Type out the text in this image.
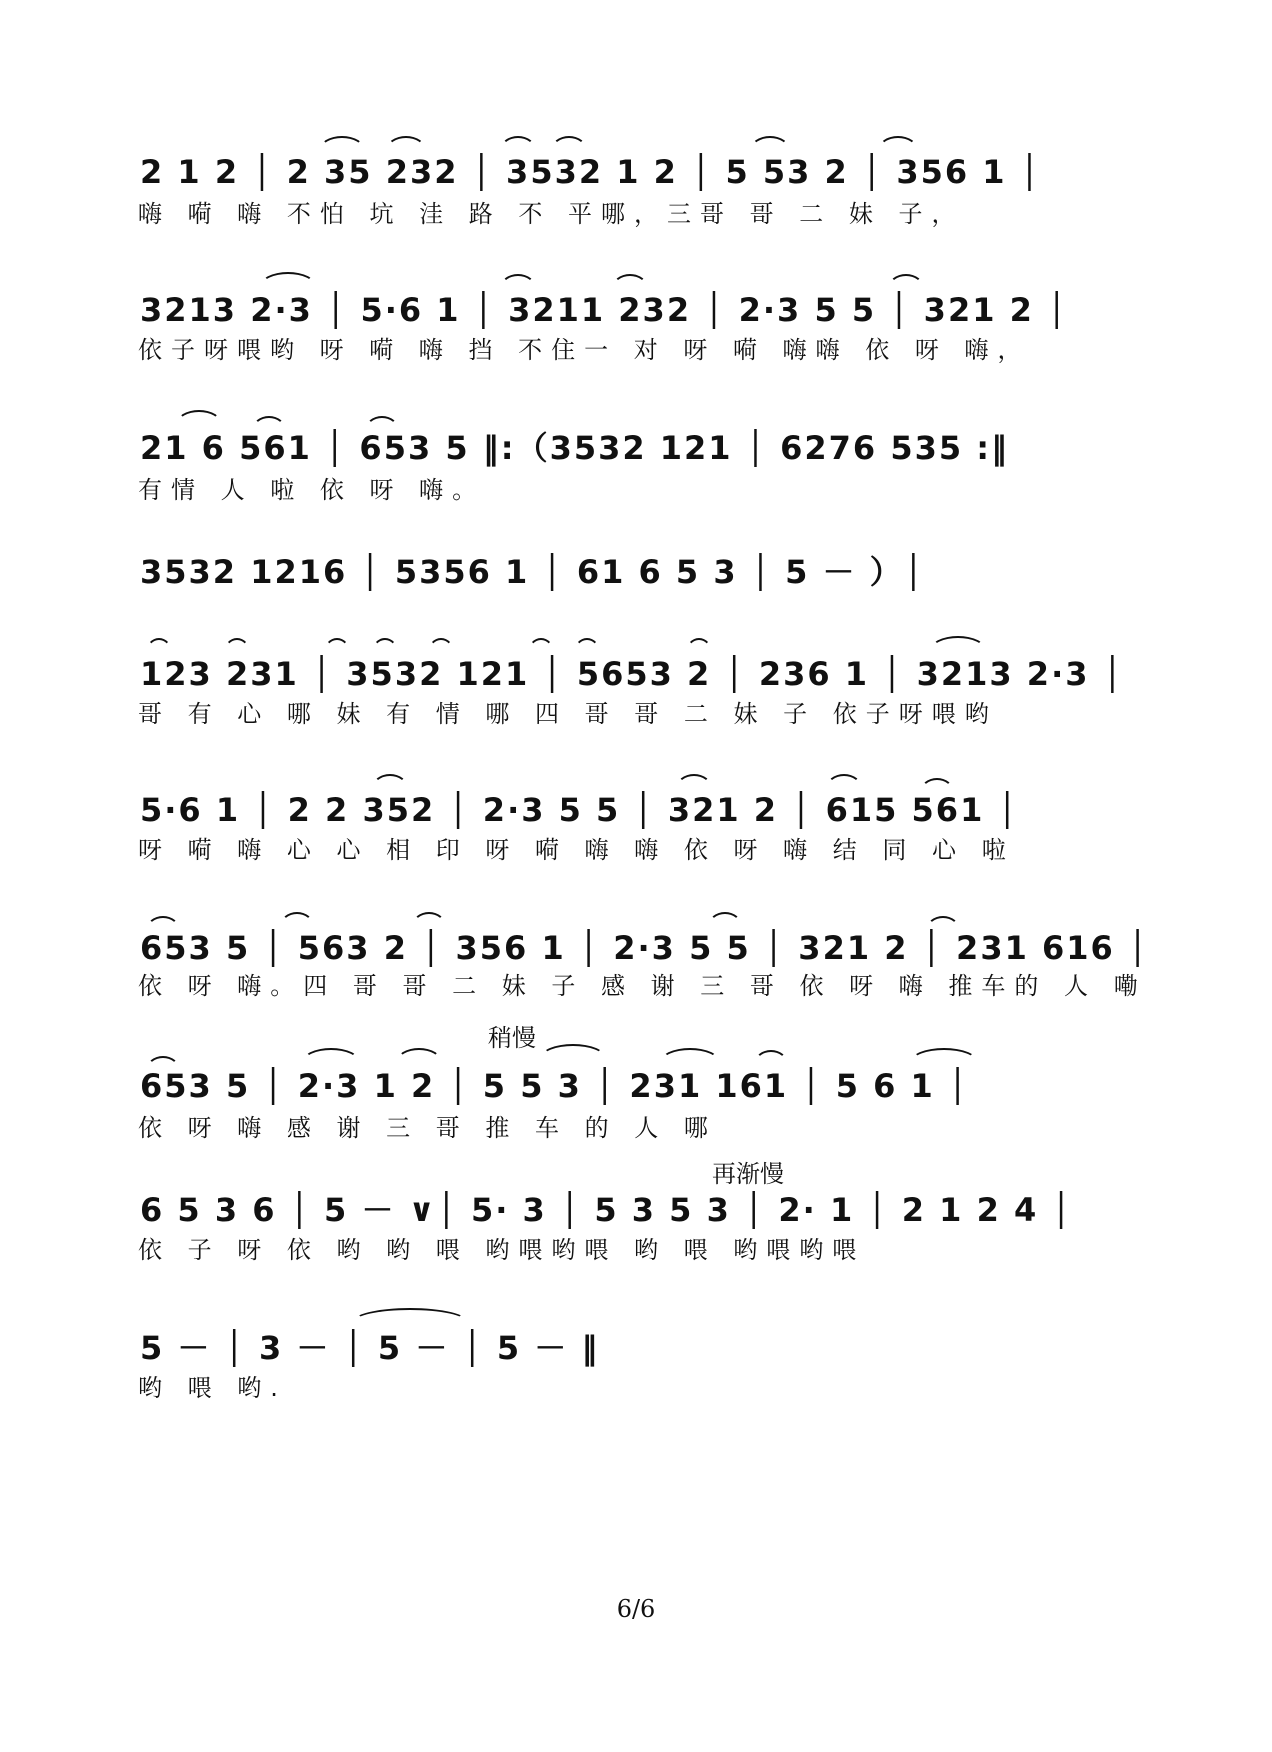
2 1 2 │ 2 35 232 │ 3532 1 2 │ 5 53 2 │ 356 1 │
嗨 嗬 嗨 不怕 坑 洼 路 不 平哪，三哥 哥 二 妹 子，
3213 2·3 │ 5·6 1 │ 3211 232 │ 2·3 5 5 │ 321 2 │
依子呀喂哟 呀 嗬 嗨 挡 不住一 对 呀 嗬 嗨嗨 依 呀 嗨，
21 6 561 │ 653 5 ‖:（3532 121 │ 6276 535 :‖
有情 人 啦 依 呀 嗨。
3532 1216 │ 5356 1 │ 61 6 5 3 │ 5 － ）│
123 231 │ 3532 121 │ 5653 2 │ 236 1 │ 3213 2·3 │
哥 有 心 哪 妹 有 情 哪 四 哥 哥 二 妹 子 依子呀喂哟
5·6 1 │ 2 2 352 │ 2·3 5 5 │ 321 2 │ 615 561 │
呀 嗬 嗨 心 心 相 印 呀 嗬 嗨 嗨 依 呀 嗨 结 同 心 啦
653 5 │ 563 2 │ 356 1 │ 2·3 5 5 │ 321 2 │ 231 616 │
依 呀 嗨。四 哥 哥 二 妹 子 感 谢 三 哥 依 呀 嗨 推车的 人 嘞
稍慢
653 5 │ 2·3 1 2 │ 5 5 3 │ 231 161 │ 5 6 1 │
依 呀 嗨 感 谢 三 哥 推 车 的 人 哪
再渐慢
6 5 3 6 │ 5 － ∨│ 5· 3 │ 5 3 5 3 │ 2· 1 │ 2 1 2 4 │
依 子 呀 依 哟 哟 喂 哟喂哟喂 哟 喂 哟喂哟喂
5 － │ 3 － │ 5 － │ 5 － ‖
哟 喂 哟.
6/6
